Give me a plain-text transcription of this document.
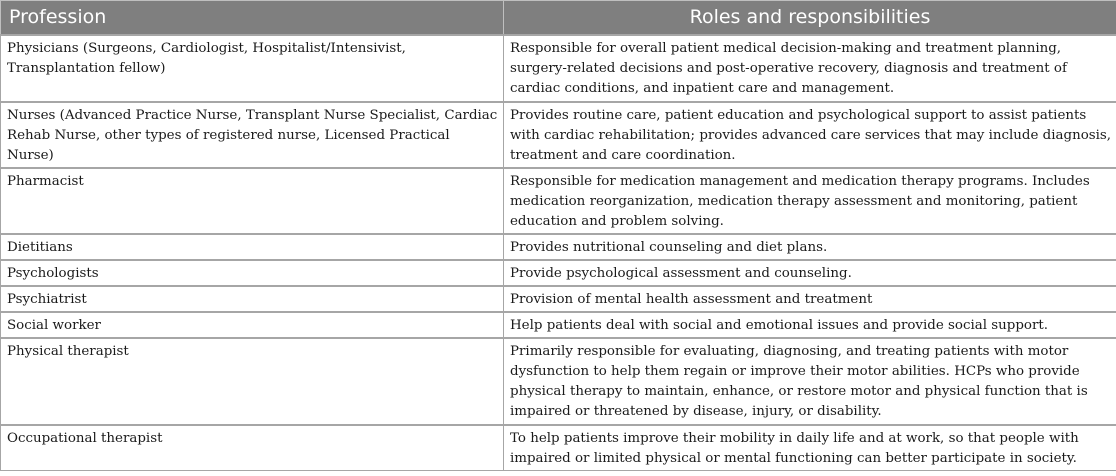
Profession	Roles and responsibilities
Physicians (Surgeons, Cardiologist, Hospitalist/Intensivist, Transplantation fellow)	Responsible for overall patient medical decision-making and treatment planning, surgery-related decisions and post-operative recovery, diagnosis and treatment of cardiac conditions, and inpatient care and management.
Nurses (Advanced Practice Nurse, Transplant Nurse Specialist, Cardiac Rehab Nurse, other types of registered nurse, Licensed Practical Nurse)	Provides routine care, patient education and psychological support to assist patients with cardiac rehabilitation; provides advanced care services that may include diagnosis, treatment and care coordination.
Pharmacist	Responsible for medication management and medication therapy programs. Includes medication reorganization, medication therapy assessment and monitoring, patient education and problem solving.
Dietitians	Provides nutritional counseling and diet plans.
Psychologists	Provide psychological assessment and counseling.
Psychiatrist	Provision of mental health assessment and treatment
Social worker	Help patients deal with social and emotional issues and provide social support.
Physical therapist	Primarily responsible for evaluating, diagnosing, and treating patients with motor dysfunction to help them regain or improve their motor abilities. HCPs who provide physical therapy to maintain, enhance, or restore motor and physical function that is impaired or threatened by disease, injury, or disability.
Occupational therapist	To help patients improve their mobility in daily life and at work, so that people with impaired or limited physical or mental functioning can better participate in society.
